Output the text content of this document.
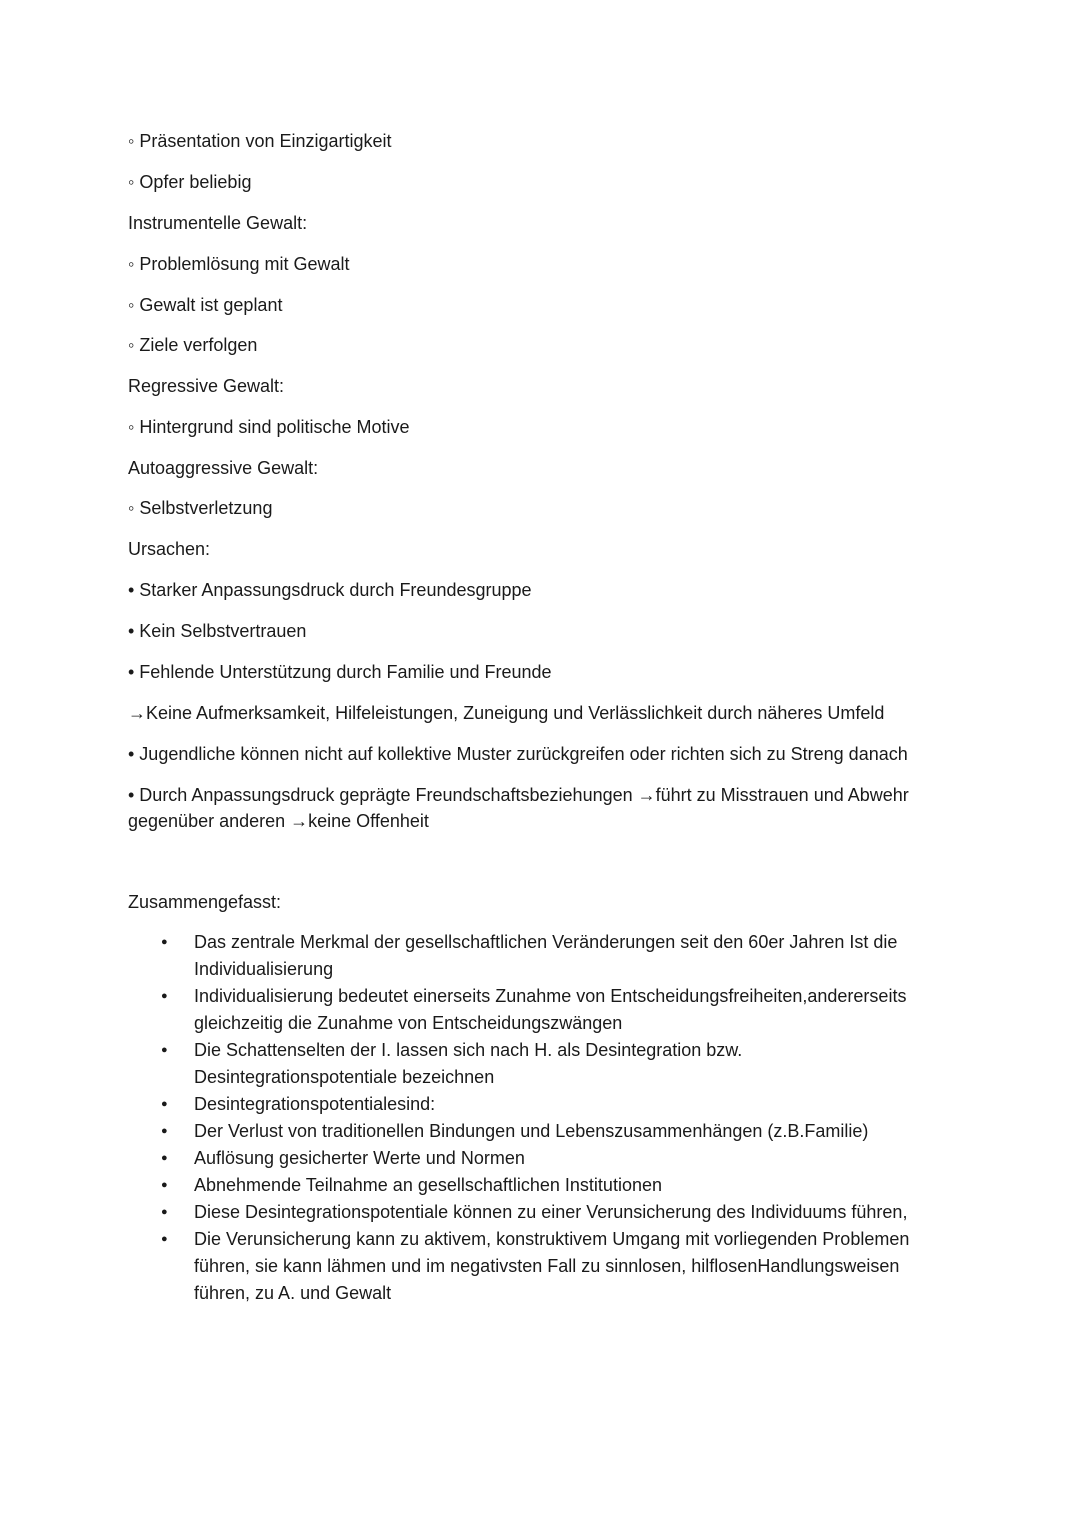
◦ Präsentation von Einzigartigkeit
◦ Opfer beliebig
Instrumentelle Gewalt:
◦ Problemlösung mit Gewalt
◦ Gewalt ist geplant
◦ Ziele verfolgen
Regressive Gewalt:
◦ Hintergrund sind politische Motive
Autoaggressive Gewalt:
◦ Selbstverletzung
Ursachen:
• Starker Anpassungsdruck durch Freundesgruppe
• Kein Selbstvertrauen
• Fehlende Unterstützung durch Familie und Freunde
→Keine Aufmerksamkeit, Hilfeleistungen, Zuneigung und Verlässlichkeit durch näheres Umfeld
• Jugendliche können nicht auf kollektive Muster zurückgreifen oder richten sich zu Streng danach
• Durch Anpassungsdruck geprägte Freundschaftsbeziehungen →führt zu Misstrauen und Abwehr gegenüber anderen →keine Offenheit
Zusammengefasst:
● Das zentrale Merkmal der gesellschaftlichen Veränderungen seit den 60er Jahren Ist die Individualisierung
● Individualisierung bedeutet einerseits Zunahme von Entscheidungsfreiheiten,andererseits gleichzeitig die Zunahme von Entscheidungszwängen
● Die Schattenselten der I. lassen sich nach H. als Desintegration bzw. Desintegrationspotentiale bezeichnen
● Desintegrationspotentialesind:
● Der Verlust von traditionellen Bindungen und Lebenszusammenhängen (z.B.Familie)
● Auflösung gesicherter Werte und Normen
● Abnehmende Teilnahme an gesellschaftlichen Institutionen
● Diese Desintegrationspotentiale können zu einer Verunsicherung des Individuums führen,
● Die Verunsicherung kann zu aktivem, konstruktivem Umgang mit vorliegenden Problemen führen, sie kann lähmen und im negativsten Fall zu sinnlosen, hilflosenHandlungsweisen führen, zu A. und Gewalt
